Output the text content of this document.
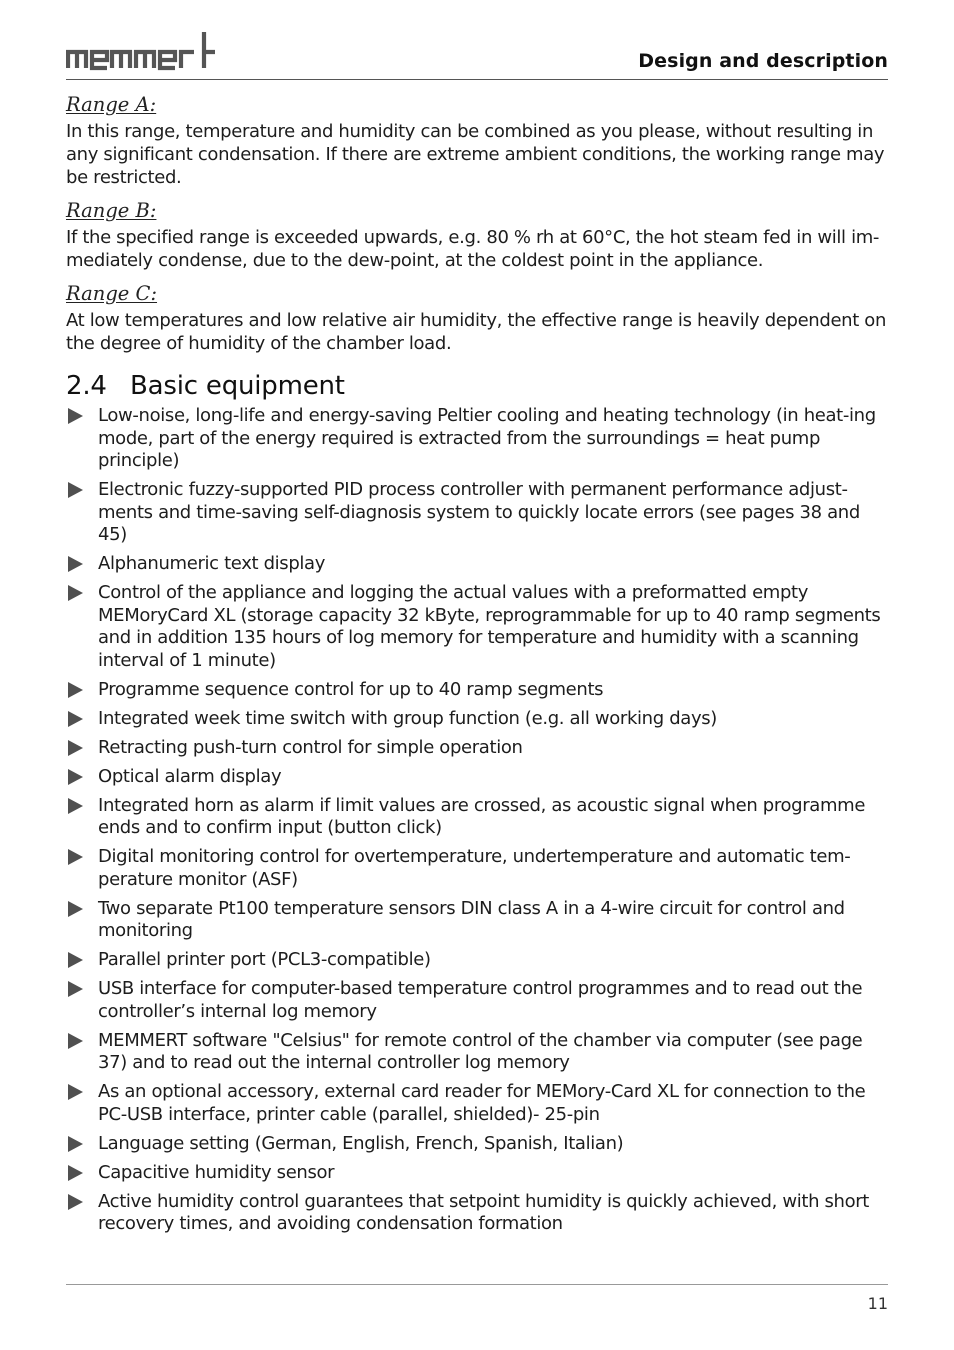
Design and description

Range A:

In this range, temperature and humidity can be combined as you please, without resulting in any significant condensation. If there are extreme ambient conditions, the working range may be restricted.

Range B:

If the specified range is exceeded upwards, e.g. 80 % rh at 60°C, the hot steam fed in will im-mediately condense, due to the dew-point, at the coldest point in the appliance.

Range C:

At low temperatures and low relative air humidity, the effective range is heavily dependent on the degree of humidity of the chamber load.

2.4 Basic equipment
Low-noise, long-life and energy-saving Peltier cooling and heating technology (in heat-ing mode, part of the energy required is extracted from the surroundings = heat pump principle)
Electronic fuzzy-supported PID process controller with permanent performance adjust-ments and time-saving self-diagnosis system to quickly locate errors (see pages 38 and 45)
Alphanumeric text display
Control of the appliance and logging the actual values with a preformatted empty MEMoryCard XL (storage capacity 32 kByte, reprogrammable for up to 40 ramp segments and in addition 135 hours of log memory for temperature and humidity with a scanning interval of 1 minute)
Programme sequence control for up to 40 ramp segments
Integrated week time switch with group function (e.g. all working days)
Retracting push-turn control for simple operation
Optical alarm display
Integrated horn as alarm if limit values are crossed, as acoustic signal when programme ends and to confirm input (button click)
Digital monitoring control for overtemperature, undertemperature and automatic tem-perature monitor (ASF)
Two separate Pt100 temperature sensors DIN class A in a 4-wire circuit for control and monitoring
Parallel printer port (PCL3-compatible)
USB interface for computer-based temperature control programmes and to read out the controller’s internal log memory
MEMMERT software "Celsius" for remote control of the chamber via computer (see page 37) and to read out the internal controller log memory
As an optional accessory, external card reader for MEMory-Card XL for connection to the PC-USB interface, printer cable (parallel, shielded)- 25-pin
Language setting (German, English, French, Spanish, Italian)
Capacitive humidity sensor
Active humidity control guarantees that setpoint humidity is quickly achieved, with short recovery times, and avoiding condensation formation
11
